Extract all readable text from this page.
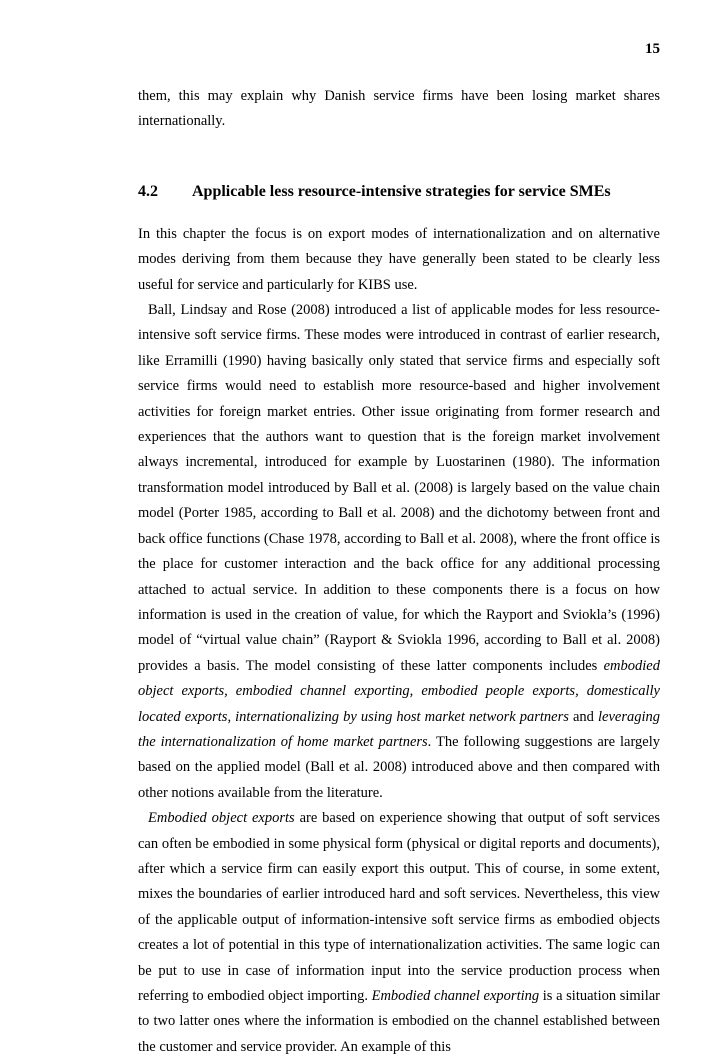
15

them, this may explain why Danish service firms have been losing market shares internationally.

4.2	Applicable less resource-intensive strategies for service SMEs

In this chapter the focus is on export modes of internationalization and on alternative modes deriving from them because they have generally been stated to be clearly less useful for service and particularly for KIBS use.

Ball, Lindsay and Rose (2008) introduced a list of applicable modes for less resource-intensive soft service firms. These modes were introduced in contrast of earlier research, like Erramilli (1990) having basically only stated that service firms and especially soft service firms would need to establish more resource-based and higher involvement activities for foreign market entries. Other issue originating from former research and experiences that the authors want to question that is the foreign market involvement always incremental, introduced for example by Luostarinen (1980). The information transformation model introduced by Ball et al. (2008) is largely based on the value chain model (Porter 1985, according to Ball et al. 2008) and the dichotomy between front and back office functions (Chase 1978, according to Ball et al. 2008), where the front office is the place for customer interaction and the back office for any additional processing attached to actual service. In addition to these components there is a focus on how information is used in the creation of value, for which the Rayport and Sviokla’s (1996) model of “virtual value chain” (Rayport & Sviokla 1996, according to Ball et al. 2008) provides a basis. The model consisting of these latter components includes embodied object exports, embodied channel exporting, embodied people exports, domestically located exports, internationalizing by using host market network partners and leveraging the internationalization of home market partners. The following suggestions are largely based on the applied model (Ball et al. 2008) introduced above and then compared with other notions available from the literature.

Embodied object exports are based on experience showing that output of soft services can often be embodied in some physical form (physical or digital reports and documents), after which a service firm can easily export this output. This of course, in some extent, mixes the boundaries of earlier introduced hard and soft services. Nevertheless, this view of the applicable output of information-intensive soft service firms as embodied objects creates a lot of potential in this type of internationalization activities. The same logic can be put to use in case of information input into the service production process when referring to embodied object importing. Embodied channel exporting is a situation similar to two latter ones where the information is embodied on the channel established between the customer and service provider. An example of this
